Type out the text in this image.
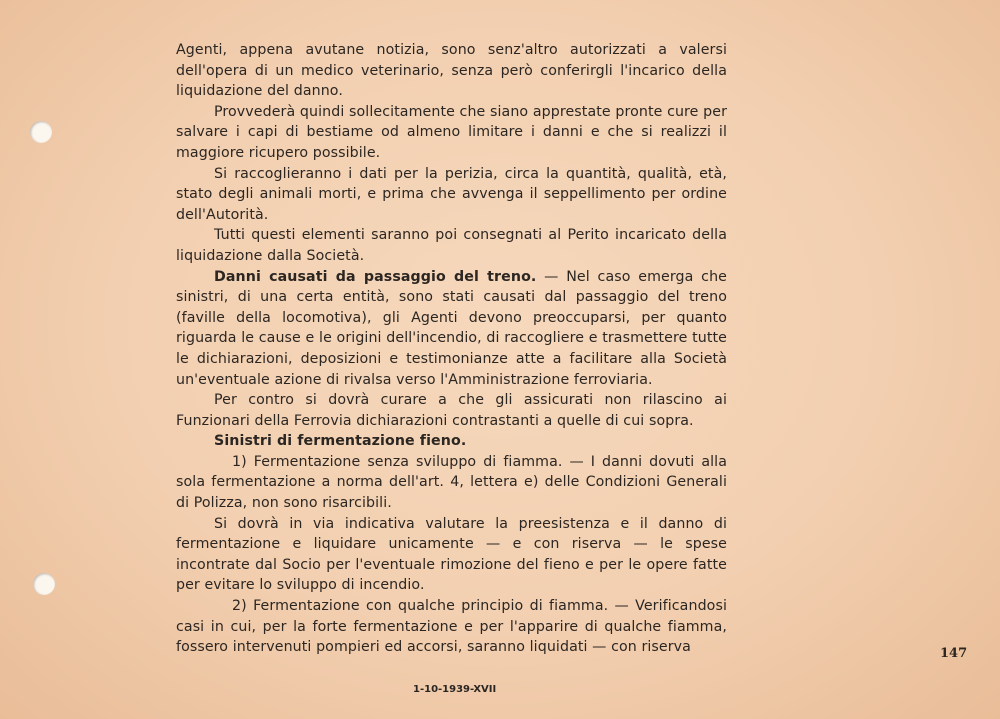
Agenti, appena avutane notizia, sono senz'altro autorizzati a valersi dell'opera di un medico veterinario, senza però conferirgli l'incarico della liquidazione del danno.

Provvederà quindi sollecitamente che siano apprestate pronte cure per salvare i capi di bestiame od almeno limitare i danni e che si realizzi il maggiore ricupero possibile.

Si raccoglieranno i dati per la perizia, circa la quantità, qualità, età, stato degli animali morti, e prima che avvenga il seppellimento per ordine dell'Autorità.

Tutti questi elementi saranno poi consegnati al Perito incaricato della liquidazione dalla Società.

Danni causati da passaggio del treno. — Nel caso emerga che sinistri, di una certa entità, sono stati causati dal passaggio del treno (faville della locomotiva), gli Agenti devono preoccuparsi, per quanto riguarda le cause e le origini dell'incendio, di raccogliere e trasmettere tutte le dichiarazioni, deposizioni e testimonianze atte a facilitare alla Società un'eventuale azione di rivalsa verso l'Amministrazione ferroviaria.

Per contro si dovrà curare a che gli assicurati non rilascino ai Funzionari della Ferrovia dichiarazioni contrastanti a quelle di cui sopra.

Sinistri di fermentazione fieno.

1) Fermentazione senza sviluppo di fiamma. — I danni dovuti alla sola fermentazione a norma dell'art. 4, lettera e) delle Condizioni Generali di Polizza, non sono risarcibili.

Si dovrà in via indicativa valutare la preesistenza e il danno di fermentazione e liquidare unicamente — e con riserva — le spese incontrate dal Socio per l'eventuale rimozione del fieno e per le opere fatte per evitare lo sviluppo di incendio.

2) Fermentazione con qualche principio di fiamma. — Verificandosi casi in cui, per la forte fermentazione e per l'apparire di qualche fiamma, fossero intervenuti pompieri ed accorsi, saranno liquidati — con riserva	147
1-10-1939-XVII
